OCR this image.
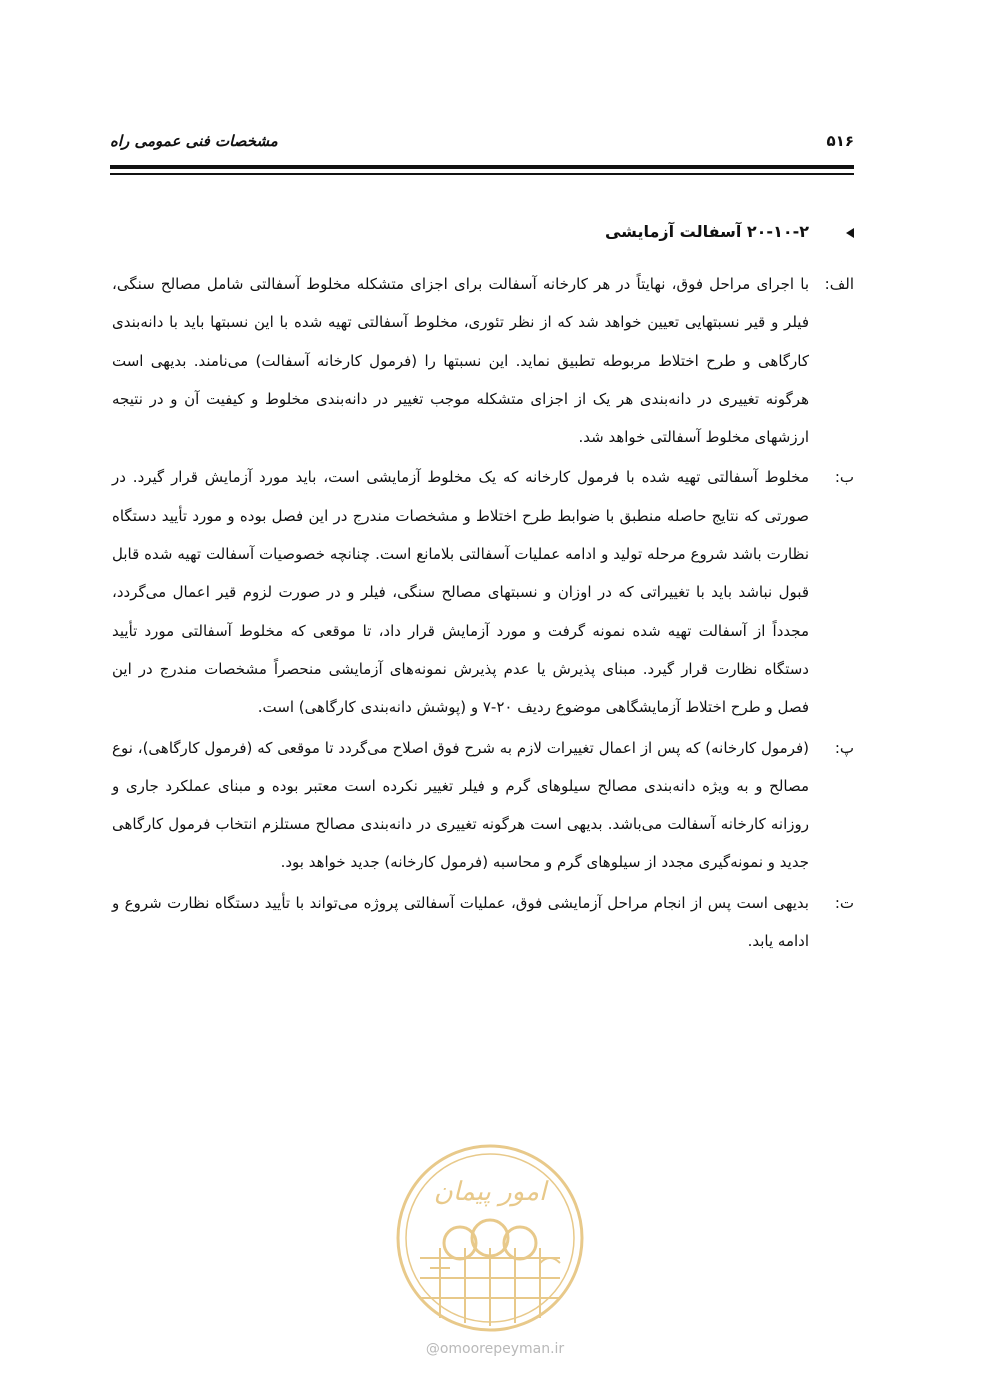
۵۱۶
مشخصات فنی عمومی راه
۲۰-۱۰-۲ آسفالت آزمایشی
الف:
با اجرای مراحل فوق، نهایتاً در هر کارخانه آسفالت برای اجزای متشکله مخلوط آسفالتی شامل مصالح سنگی، فیلر و قیر نسبتهایی تعیین خواهد شد که از نظر تئوری، مخلوط آسفالتی تهیه شده با این نسبتها باید با دانه‌بندی کارگاهی و طرح اختلاط مربوطه تطبیق نماید. این نسبتها را (فرمول کارخانه آسفالت) می‌نامند. بدیهی است هرگونه تغییری در دانه‌بندی هر یک از اجزای متشکله موجب تغییر در دانه‌بندی مخلوط و کیفیت آن و در نتیجه ارزشهای مخلوط آسفالتی خواهد شد.
ب:
مخلوط آسفالتی تهیه شده با فرمول کارخانه که یک مخلوط آزمایشی است، باید مورد آزمایش قرار گیرد. در صورتی که نتایج حاصله منطبق با ضوابط طرح اختلاط و مشخصات مندرج در این فصل بوده و مورد تأیید دستگاه نظارت باشد شروع مرحله تولید و ادامه عملیات آسفالتی بلامانع است. چنانچه خصوصیات آسفالت تهیه شده قابل قبول نباشد باید با تغییراتی که در اوزان و نسبتهای مصالح سنگی، فیلر و در صورت لزوم قیر اعمال می‌گردد، مجدداً از آسفالت تهیه شده نمونه گرفت و مورد آزمایش قرار داد، تا موقعی که مخلوط آسفالتی مورد تأیید دستگاه نظارت قرار گیرد. مبنای پذیرش یا عدم پذیرش نمونه‌های آزمایشی منحصراً مشخصات مندرج در این فصل و طرح اختلاط آزمایشگاهی موضوع ردیف ۲۰-۷ و (پوشش دانه‌بندی کارگاهی) است.
پ:
(فرمول کارخانه) که پس از اعمال تغییرات لازم به شرح فوق اصلاح می‌گردد تا موقعی که (فرمول کارگاهی)، نوع مصالح و به ویژه دانه‌بندی مصالح سیلوهای گرم و فیلر تغییر نکرده است معتبر بوده و مبنای عملکرد جاری و روزانه کارخانه آسفالت می‌باشد. بدیهی است هرگونه تغییری در دانه‌بندی مصالح مستلزم انتخاب فرمول کارگاهی جدید و نمونه‌گیری مجدد از سیلوهای گرم و محاسبه (فرمول کارخانه) جدید خواهد بود.
ت:
بدیهی است پس از انجام مراحل آزمایشی فوق، عملیات آسفالتی پروژه می‌تواند با تأیید دستگاه نظارت شروع و ادامه یابد.
امور پیمان
@omoorepeyman.ir
